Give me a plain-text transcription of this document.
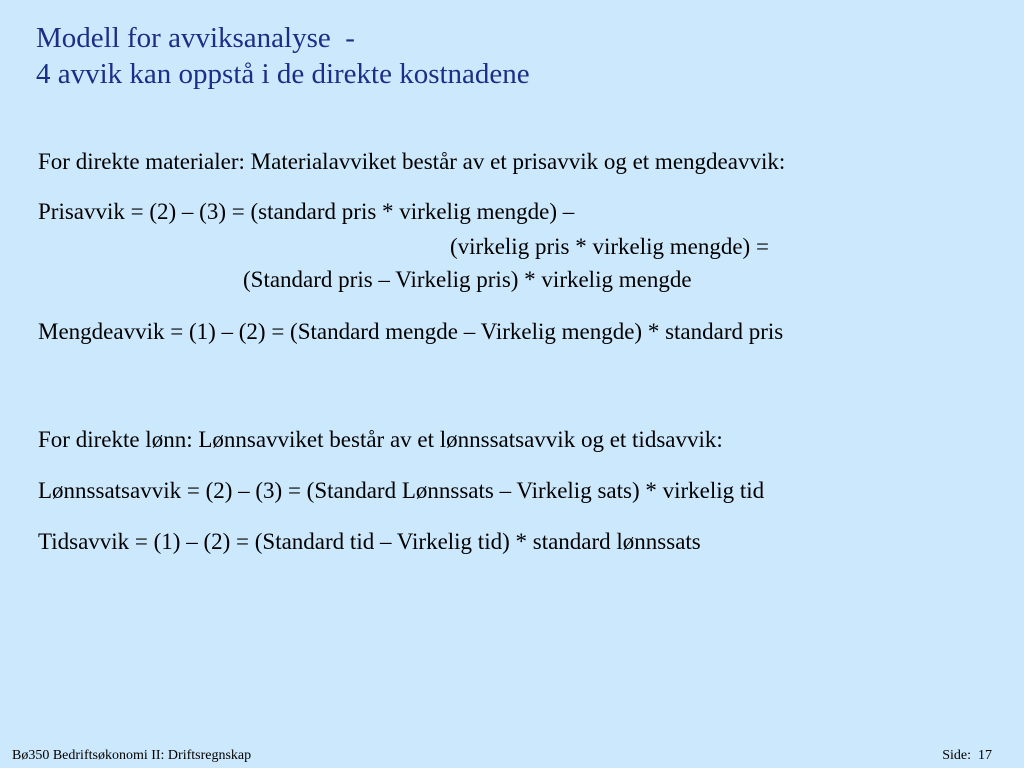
Modell for avviksanalyse  -
4 avvik kan oppstå i de direkte kostnadene
For direkte materialer: Materialavviket består av et prisavvik og et mengdeavvik:
Prisavvik = (2) – (3) = (standard pris * virkelig mengde) –
(virkelig pris * virkelig mengde) =
(Standard pris – Virkelig pris) * virkelig mengde
Mengdeavvik = (1) – (2) = (Standard mengde – Virkelig mengde) * standard pris
For direkte lønn: Lønnsavviket består av et lønnssatsavvik og et tidsavvik:
Lønnssatsavvik = (2) – (3) = (Standard Lønnssats – Virkelig sats) * virkelig tid
Tidsavvik = (1) – (2) = (Standard tid – Virkelig tid) * standard lønnssats
Bø350 Bedriftsøkonomi II: Driftsregnskap	Side: 17
